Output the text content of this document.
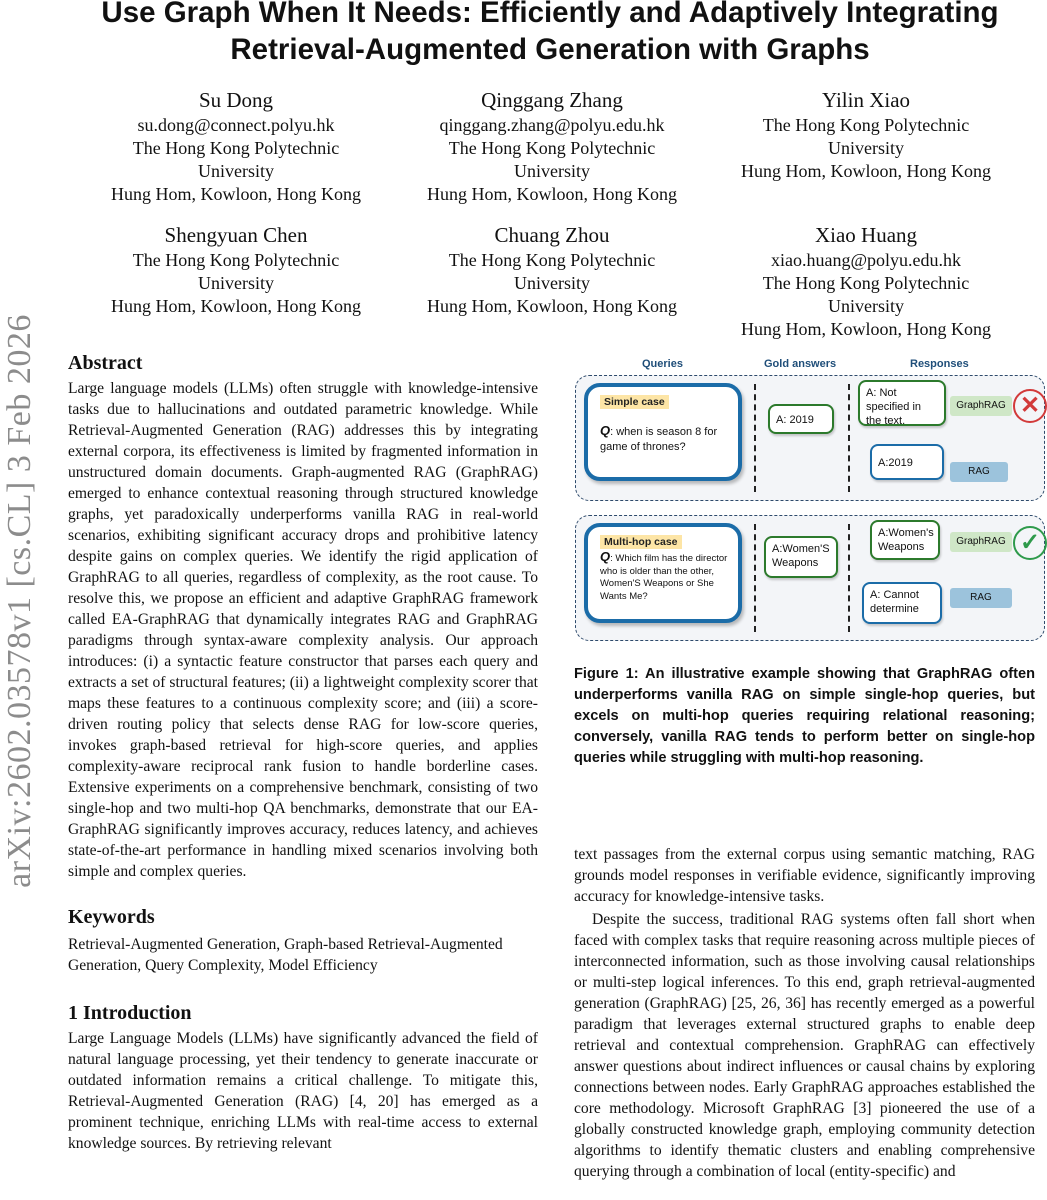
arXiv:2602.03578v1 [cs.CL] 3 Feb 2026
Use Graph When It Needs: Efficiently and Adaptively Integrating Retrieval-Augmented Generation with Graphs
Su Dong
su.dong@connect.polyu.hk
The Hong Kong Polytechnic
University
Hung Hom, Kowloon, Hong Kong
Qinggang Zhang
qinggang.zhang@polyu.edu.hk
The Hong Kong Polytechnic
University
Hung Hom, Kowloon, Hong Kong
Yilin Xiao
The Hong Kong Polytechnic
University
Hung Hom, Kowloon, Hong Kong
Shengyuan Chen
The Hong Kong Polytechnic
University
Hung Hom, Kowloon, Hong Kong
Chuang Zhou
The Hong Kong Polytechnic
University
Hung Hom, Kowloon, Hong Kong
Xiao Huang
xiao.huang@polyu.edu.hk
The Hong Kong Polytechnic
University
Hung Hom, Kowloon, Hong Kong
Abstract

Large language models (LLMs) often struggle with knowledge-intensive tasks due to hallucinations and outdated parametric knowledge. While Retrieval-Augmented Generation (RAG) addresses this by integrating external corpora, its effectiveness is limited by fragmented information in unstructured domain documents. Graph-augmented RAG (GraphRAG) emerged to enhance contextual reasoning through structured knowledge graphs, yet paradoxically underperforms vanilla RAG in real-world scenarios, exhibiting significant accuracy drops and prohibitive latency despite gains on complex queries. We identify the rigid application of GraphRAG to all queries, regardless of complexity, as the root cause. To resolve this, we propose an efficient and adaptive GraphRAG framework called EA-GraphRAG that dynamically integrates RAG and GraphRAG paradigms through syntax-aware complexity analysis. Our approach introduces: (i) a syntactic feature constructor that parses each query and extracts a set of structural features; (ii) a lightweight complexity scorer that maps these features to a continuous complexity score; and (iii) a score-driven routing policy that selects dense RAG for low-score queries, invokes graph-based retrieval for high-score queries, and applies complexity-aware reciprocal rank fusion to handle borderline cases. Extensive experiments on a comprehensive benchmark, consisting of two single-hop and two multi-hop QA benchmarks, demonstrate that our EA-GraphRAG significantly improves accuracy, reduces latency, and achieves state-of-the-art performance in handling mixed scenarios involving both simple and complex queries.

Keywords

Retrieval-Augmented Generation, Graph-based Retrieval-Augmented Generation, Query Complexity, Model Efficiency

1 Introduction

Large Language Models (LLMs) have significantly advanced the field of natural language processing, yet their tendency to generate inaccurate or outdated information remains a critical challenge. To mitigate this, Retrieval-Augmented Generation (RAG) [4, 20] has emerged as a prominent technique, enriching LLMs with real-time access to external knowledge sources. By retrieving relevant

Queries	Gold answers	Responses
Simple case
Q: when is season 8 for game of thrones?
A: 2019
A: Not specified in the text.
GraphRAG ✕
A:2019
RAG
Multi-hop case
Q: Which film has the director who is older than the other, Women'S Weapons or She Wants Me?
A:Women'S Weapons
A:Women's Weapons	GraphRAG ✓
A: Cannot determine
RAG

Figure 1: An illustrative example showing that GraphRAG often underperforms vanilla RAG on simple single-hop queries, but excels on multi-hop queries requiring relational reasoning; conversely, vanilla RAG tends to perform better on single-hop queries while struggling with multi-hop reasoning.

text passages from the external corpus using semantic matching, RAG grounds model responses in verifiable evidence, significantly improving accuracy for knowledge-intensive tasks.

Despite the success, traditional RAG systems often fall short when faced with complex tasks that require reasoning across multiple pieces of interconnected information, such as those involving causal relationships or multi-step logical inferences. To this end, graph retrieval-augmented generation (GraphRAG) [25, 26, 36] has recently emerged as a powerful paradigm that leverages external structured graphs to enable deep retrieval and contextual comprehension. GraphRAG can effectively answer questions about indirect influences or causal chains by exploring connections between nodes. Early GraphRAG approaches established the core methodology. Microsoft GraphRAG [3] pioneered the use of a globally constructed knowledge graph, employing community detection algorithms to identify thematic clusters and enabling comprehensive querying through a combination of local (entity-specific) and
